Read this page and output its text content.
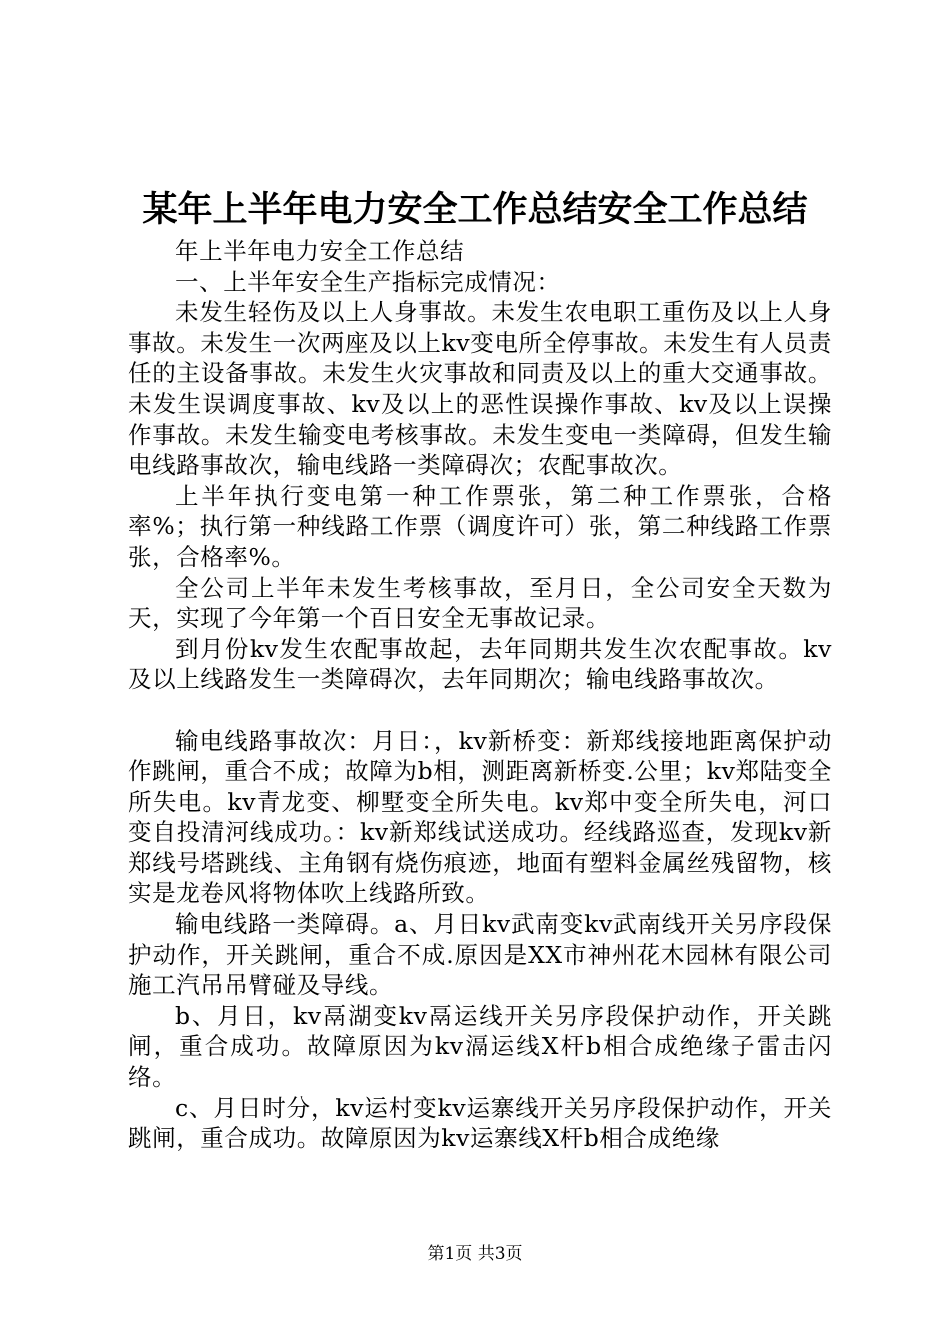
某年上半年电力安全工作总结安全工作总结

年上半年电力安全工作总结

一、上半年安全生产指标完成情况：

未发生轻伤及以上人身事故。未发生农电职工重伤及以上人身事故。未发生一次两座及以上kv变电所全停事故。未发生有人员责任的主设备事故。未发生火灾事故和同责及以上的重大交通事故。未发生误调度事故、kv及以上的恶性误操作事故、kv及以上误操作事故。未发生输变电考核事故。未发生变电一类障碍，但发生输电线路事故次，输电线路一类障碍次；农配事故次。

上半年执行变电第一种工作票张，第二种工作票张，合格率%；执行第一种线路工作票（调度许可）张，第二种线路工作票张，合格率%。

全公司上半年未发生考核事故，至月日，全公司安全天数为天，实现了今年第一个百日安全无事故记录。

到月份kv发生农配事故起，去年同期共发生次农配事故。kv及以上线路发生一类障碍次，去年同期次；输电线路事故次。

输电线路事故次：月日：，kv新桥变：新郑线接地距离保护动作跳闸，重合不成；故障为b相，测距离新桥变.公里；kv郑陆变全所失电。kv青龙变、柳墅变全所失电。kv郑中变全所失电，河口变自投清河线成功。：kv新郑线试送成功。经线路巡查，发现kv新郑线号塔跳线、主角钢有烧伤痕迹，地面有塑料金属丝残留物，核实是龙卷风将物体吹上线路所致。

输电线路一类障碍。a、月日kv武南变kv武南线开关另序段保护动作，开关跳闸，重合不成.原因是XX市神州花木园林有限公司施工汽吊吊臂碰及导线。

b、月日，kv鬲湖变kv鬲运线开关另序段保护动作，开关跳闸，重合成功。故障原因为kv滆运线X杆b相合成绝缘子雷击闪络。

c、月日时分，kv运村变kv运寨线开关另序段保护动作，开关跳闸，重合成功。故障原因为kv运寨线X杆b相合成绝缘

第1页 共3页
